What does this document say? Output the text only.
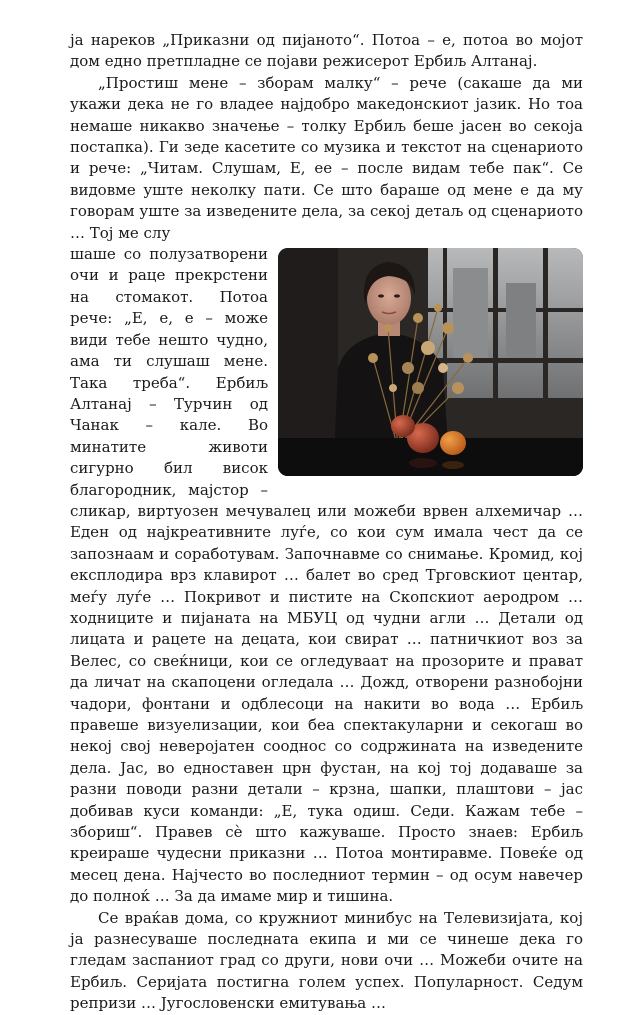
ја нареков „Приказни од пијаното“. Потоа – е, потоа во мојот дом едно претпладне се појави режисерот Ербиљ Алтанај.

„Простиш мене – зборам малку“ – рече (сакаше да ми укажи дека не го владее најдобро македонскиот јазик. Но тоа немаше никакво значење – толку Ербиљ беше јасен во секоја постапка). Ги зеде касетите со музика и текстот на сценариото и рече: „Читам. Слушам, Е, ее – после видам тебе пак“. Се видовме уште неколку пати. Се што бараше од мене е да му говорам уште за изведените дела, за секој детаљ од сценариото … Тој ме слу

шаше со полузатворени очи и раце прекрстени на стомакот. Потоа рече: „Е, е, е – може види тебе нешто чудно, ама ти слушаш мене. Така треба“. Ербиљ Алтанај – Турчин од Чанак – кале. Во минатите животи сигурно бил висок благородник, мајстор – сликар, виртуозен мечувалец или можеби врвен алхемичар … Еден од најкреативните луѓе, со кои сум имала чест да се запознаам и соработувам. Започнавме со снимање. Кромид, кој експлодира врз клавирот … балет во сред Трговскиот центар, меѓу луѓе … Покривот и пистите на Скопскиот аеродром … ходниците и пијаната на МБУЦ од чудни агли … Детали од лицата и рацете на децата, кои свират … патничкиот воз за Велес, со свеќници, кои се огледуваат на прозорите и прават да личат на скапоцени огледала … Дожд, отворени разнобојни чадори, фонтани и одблесоци на накити во вода … Ербиљ правеше визуелизации, кои беа спектакуларни и секогаш во некој свој неверојатен сооднос со содржината на изведените дела. Јас, во едноставен црн фустан, на кој тој додаваше за разни поводи разни детали – крзна, шапки, плаштови – јас добивав куси команди: „Е, тука одиш. Седи. Кажам тебе – збориш“. Правев сè што кажуваше. Просто знаев: Ербиљ креираше чудесни приказни … Потоа монтиравме. Повеќе од месец дена. Најчесто во последниот термин – од осум навечер до полноќ … За да имаме мир и тишина.

Се враќав дома, со кружниот минибус на Телевизијата, кој ја разнесуваше последната екипа и ми се чинеше дека го гледам заспаниот град со други, нови очи … Можеби очите на Ербиљ. Серијата постигна голем успех. Популарност. Седум репризи … Југословенски емитувања …
